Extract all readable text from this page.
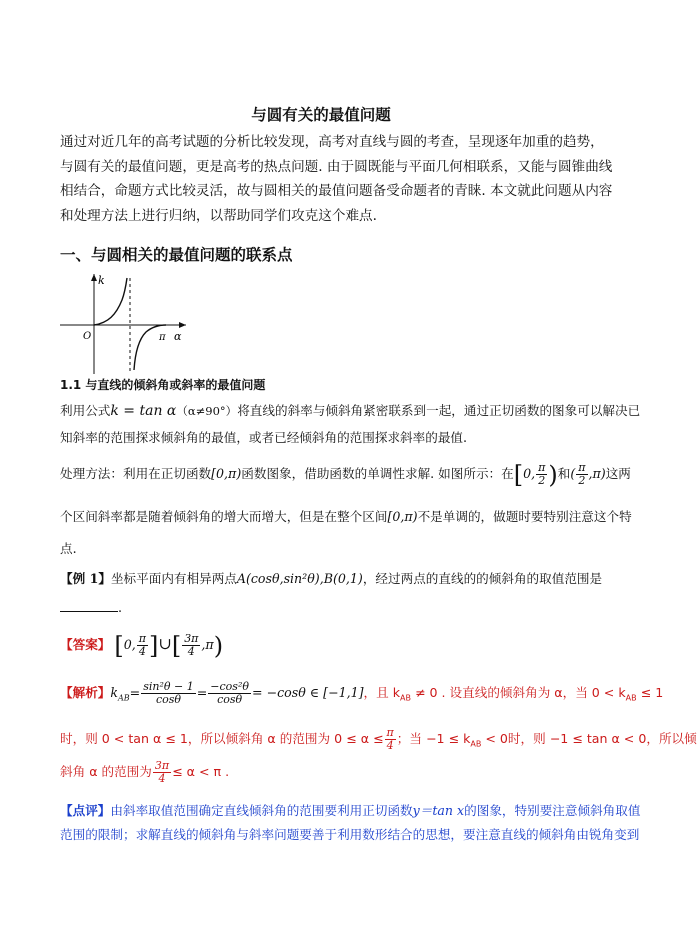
与圆有关的最值问题

通过对近几年的高考试题的分析比较发现，高考对直线与圆的考查，呈现逐年加重的趋势，

与圆有关的最值问题，更是高考的热点问题. 由于圆既能与平面几何相联系，又能与圆锥曲线

相结合，命题方式比较灵活，故与圆相关的最值问题备受命题者的青睐. 本文就此问题从内容

和处理方法上进行归纳，以帮助同学们攻克这个难点.

一、与圆相关的最值问题的联系点
k
O	π α
1.1 与直线的倾斜角或斜率的最值问题
利用公式k = tan α（α≠90°）将直线的斜率与倾斜角紧密联系到一起，通过正切函数的图象可以解决已
知斜率的范围探求倾斜角的最值，或者已经倾斜角的范围探求斜率的最值.
处理方法：利用在正切函数[0,π)函数图象，借助函数的单调性求解. 如图所示：在[0, $\frac{\pi}{2}$ )和( $\frac{\pi}{2} ,\pi$)这两
个区间斜率都是随着倾斜角的增大而增大，但是在整个区间[0,π)不是单调的，做题时要特别注意这个特
点.
【例 1】坐标平面内有相异两点A(cosθ,sin²θ),B(0,1)，经过两点的直线的的倾斜角的取值范围是
.
【答案】 [0, $\frac{\pi}{4}$ ]∪[ $\frac{3\pi}{4} ,\pi$)
【解析】$k_{AB}= \frac{\text{sin²θ − 1}}{\cos\theta} = \frac{\text{−cos²θ}}{\cos\theta} = -\cos\theta$ ∈ [−1,1]，且 $k_{AB} \ne 0$ . 设直线的倾斜角为 α，当 $0 < k_{AB} \le 1$
时，则 0 < tan α ≤ 1，所以倾斜角 α 的范围为 $0 \le \alpha \le \frac{\pi}{4}$ ；当 $-1 \le k_{AB} < 0$时，则 −1 ≤ tan α < 0，所以倾
斜角 α 的范围为 $\frac{3\pi}{4} \le \alpha < \pi$ .
【点评】由斜率取值范围确定直线倾斜角的范围要利用正切函数y＝tan x的图象，特别要注意倾斜角取值
范围的限制；求解直线的倾斜角与斜率问题要善于利用数形结合的思想，要注意直线的倾斜角由锐角变到
